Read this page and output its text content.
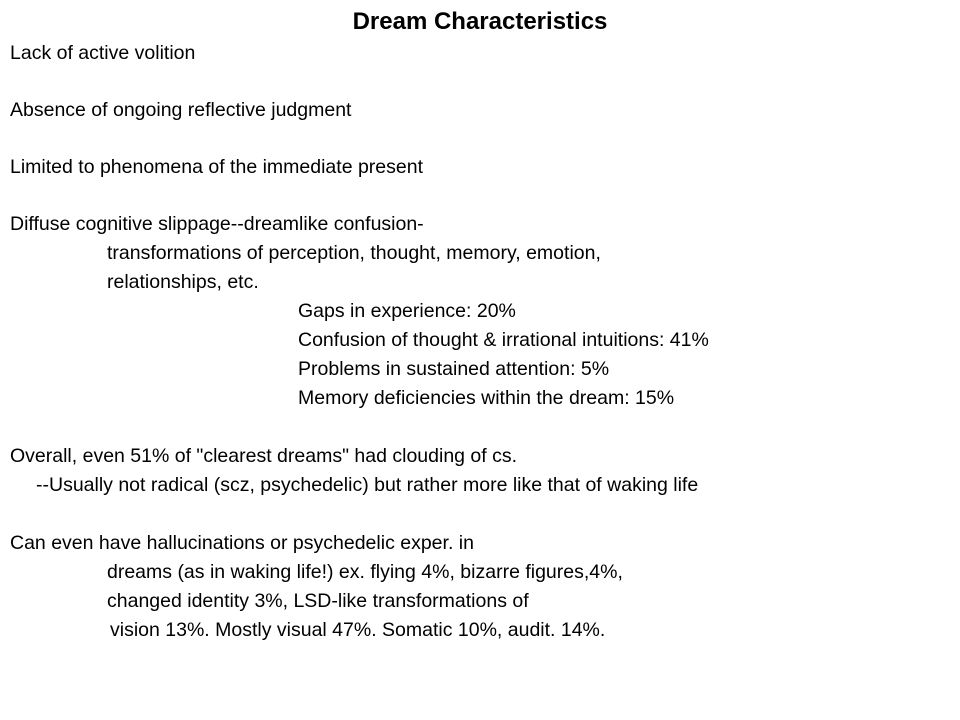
Dream Characteristics
Lack of active volition
Absence of ongoing reflective judgment
Limited to phenomena of the immediate present
Diffuse cognitive slippage--dreamlike confusion-
transformations of perception, thought, memory, emotion,
relationships, etc.
Gaps in experience: 20%
Confusion of thought & irrational intuitions: 41%
Problems in sustained attention: 5%
Memory deficiencies within the dream: 15%
Overall, even 51% of "clearest dreams" had clouding of cs.
--Usually not radical (scz, psychedelic) but rather more like that of waking life
Can even have hallucinations or psychedelic exper. in
dreams (as in waking life!) ex. flying 4%, bizarre figures,4%,
changed identity 3%, LSD-like transformations of
vision 13%. Mostly visual 47%. Somatic 10%, audit. 14%.
